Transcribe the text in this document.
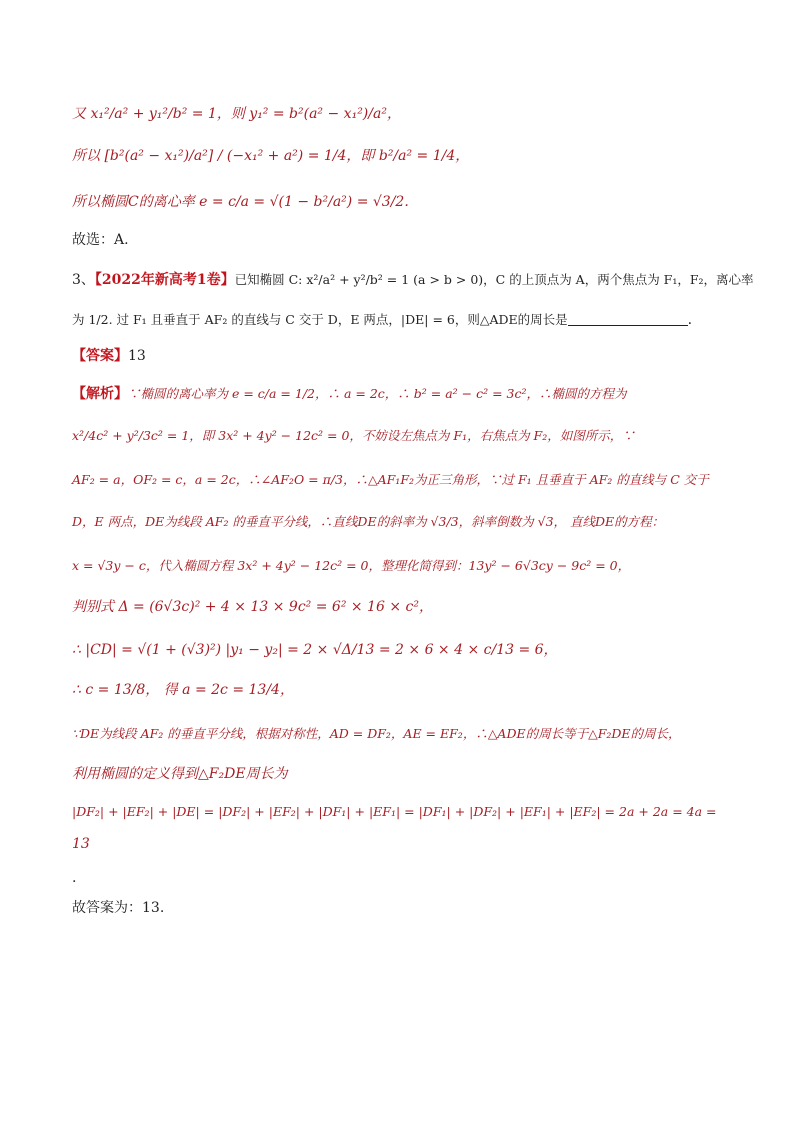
又 x₁²/a² + y₁²/b² = 1，则 y₁² = b²(a² − x₁²)/a²，
所以 [b²(a² − x₁²)/a²] / (−x₁² + a²) = 1/4，即 b²/a² = 1/4，
所以椭圆C的离心率 e = c/a = √(1 − b²/a²) = √3/2.
故选：A.
3、【2022年新高考1卷】已知椭圆 C: x²/a² + y²/b² = 1 (a > b > 0)，C 的上顶点为 A，两个焦点为 F₁，F₂，离心率
为 1/2. 过 F₁ 且垂直于 AF₂ 的直线与 C 交于 D，E 两点，|DE| = 6，则△ADE的周长是	.
【答案】13
【解析】∵椭圆的离心率为 e = c/a = 1/2，∴ a = 2c，∴ b² = a² − c² = 3c²，∴椭圆的方程为
x²/4c² + y²/3c² = 1，即 3x² + 4y² − 12c² = 0，不妨设左焦点为 F₁，右焦点为 F₂，如图所示，∵
AF₂ = a，OF₂ = c，a = 2c，∴∠AF₂O = π/3，∴△AF₁F₂为正三角形，∵过 F₁ 且垂直于 AF₂ 的直线与 C 交于
D，E 两点，DE为线段 AF₂ 的垂直平分线，∴直线DE的斜率为 √3/3，斜率倒数为 √3， 直线DE的方程：
x = √3y − c，代入椭圆方程 3x² + 4y² − 12c² = 0，整理化简得到：13y² − 6√3cy − 9c² = 0，
判别式 Δ = (6√3c)² + 4 × 13 × 9c² = 6² × 16 × c²，
∴ |CD| = √(1 + (√3)²) |y₁ − y₂| = 2 × √Δ/13 = 2 × 6 × 4 × c/13 = 6，
∴ c = 13/8， 得 a = 2c = 13/4，
∵DE为线段 AF₂ 的垂直平分线，根据对称性，AD = DF₂，AE = EF₂，∴△ADE的周长等于△F₂DE的周长，
利用椭圆的定义得到△F₂DE周长为
|DF₂| + |EF₂| + |DE| = |DF₂| + |EF₂| + |DF₁| + |EF₁| = |DF₁| + |DF₂| + |EF₁| + |EF₂| = 2a + 2a = 4a =
13
.
故答案为：13.
